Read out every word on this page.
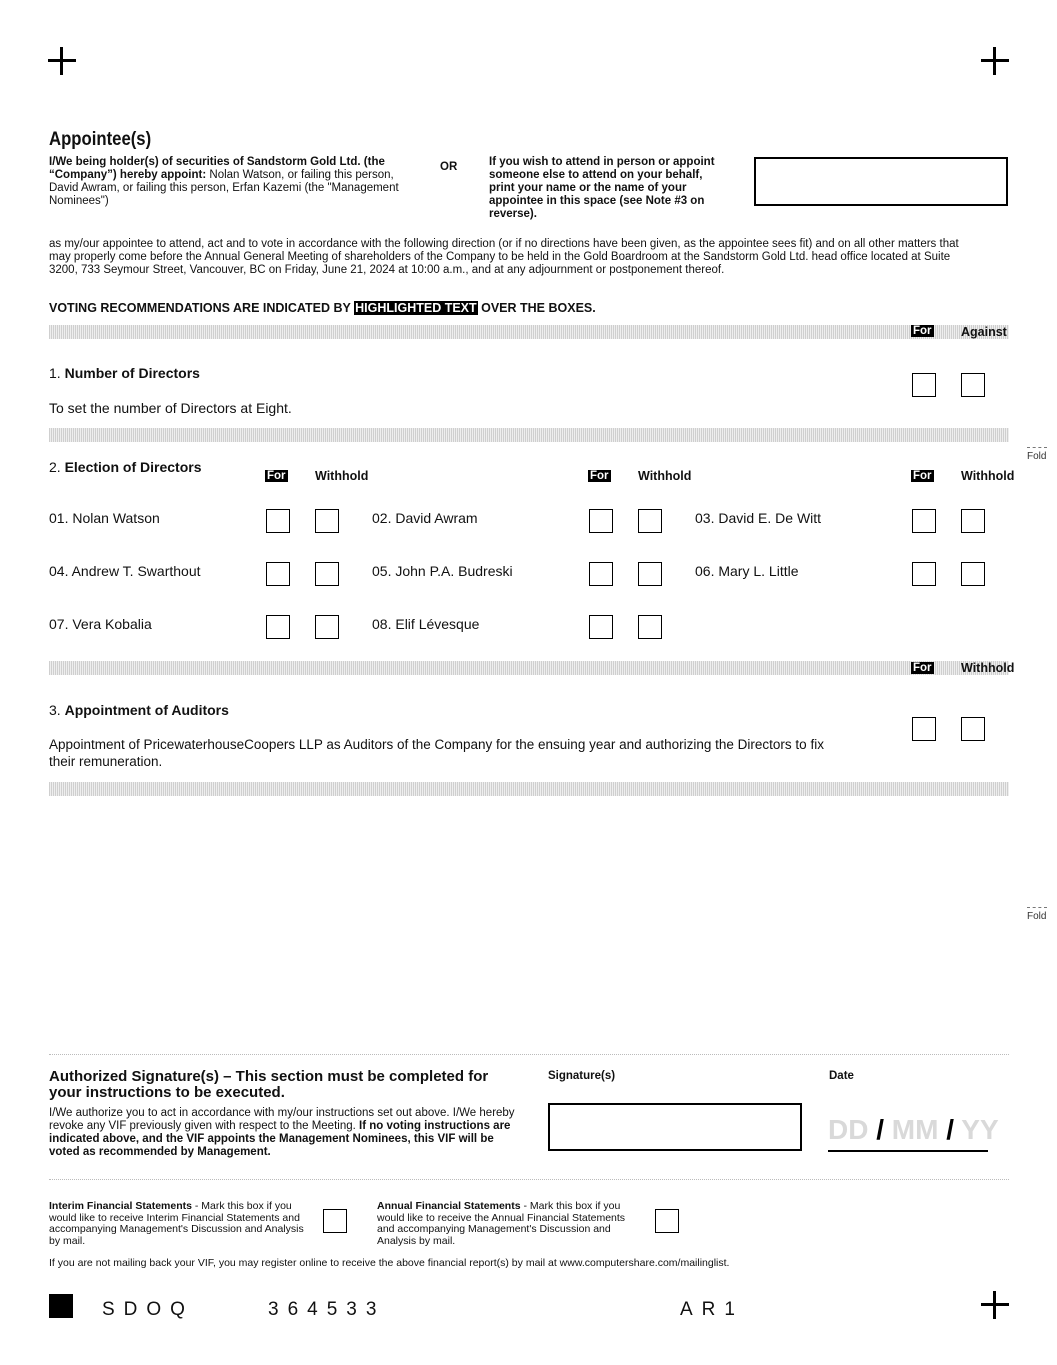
Appointee(s)
I/We being holder(s) of securities of Sandstorm Gold Ltd. (the “Company”) hereby appoint: Nolan Watson, or failing this person, David Awram, or failing this person, Erfan Kazemi (the "Management Nominees")
OR	If you wish to attend in person or appoint someone else to attend on your behalf, print your name or the name of your appointee in this space (see Note #3 on reverse).
as my/our appointee to attend, act and to vote in accordance with the following direction (or if no directions have been given, as the appointee sees fit) and on all other matters that may properly come before the Annual General Meeting of shareholders of the Company to be held in the Gold Boardroom at the Sandstorm Gold Ltd. head office located at Suite 3200, 733 Seymour Street, Vancouver, BC on Friday, June 21, 2024 at 10:00 a.m., and at any adjournment or postponement thereof.
VOTING RECOMMENDATIONS ARE INDICATED BY HIGHLIGHTED TEXT OVER THE BOXES.
For Against
1. Number of Directors
To set the number of Directors at Eight.
2. Election of Directors
For Withhold	For Withhold	For Withhold
01. Nolan Watson	02. David Awram	03. David E. De Witt
04. Andrew T. Swarthout	05. John P.A. Budreski	06. Mary L. Little
07. Vera Kobalia	08. Elif Lévesque
For Withhold
3. Appointment of Auditors
Appointment of PricewaterhouseCoopers LLP as Auditors of the Company for the ensuing year and authorizing the Directors to fix their remuneration.
Fold
Fold
Authorized Signature(s) – This section must be completed for your instructions to be executed.
I/We authorize you to act in accordance with my/our instructions set out above. I/We hereby revoke any VIF previously given with respect to the Meeting. If no voting instructions are indicated above, and the VIF appoints the Management Nominees, this VIF will be voted as recommended by Management.
Signature(s)	Date
DD / MM / YY
Interim Financial Statements - Mark this box if you would like to receive Interim Financial Statements and accompanying Management's Discussion and Analysis by mail.
Annual Financial Statements - Mark this box if you would like to receive the Annual Financial Statements and accompanying Management's Discussion and Analysis by mail.
If you are not mailing back your VIF, you may register online to receive the above financial report(s) by mail at www.computershare.com/mailinglist.
SDOQ	364533	AR1
